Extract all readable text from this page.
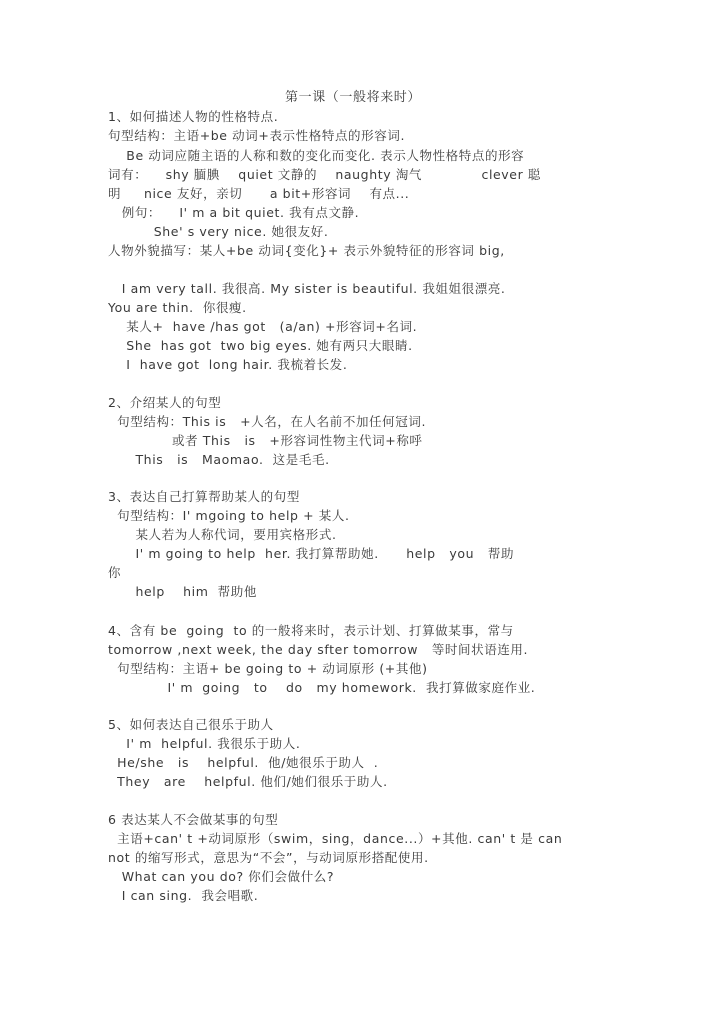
第一课（一般将来时）
1、如何描述人物的性格特点.
句型结构：主语+be 动词+表示性格特点的形容词.
Be 动词应随主语的人称和数的变化而变化. 表示人物性格特点的形容
词有：    shy 腼腆    quiet 文静的    naughty 淘气             clever 聪
明     nice 友好，亲切      a bit+形容词    有点...
例句：    I' m a bit quiet. 我有点文静.
She' s very nice. 她很友好.
人物外貌描写：某人+be 动词{变化}+ 表示外貌特征的形容词 big,
I am very tall. 我很高. My sister is beautiful. 我姐姐很漂亮.
You are thin.  你很瘦.
某人+  have /has got   (a/an) +形容词+名词.
She  has got  two big eyes. 她有两只大眼睛.
I  have got  long hair. 我梳着长发.
2、介绍某人的句型
句型结构：This is   +人名，在人名前不加任何冠词.
或者 This   is   +形容词性物主代词+称呼
This   is   Maomao.  这是毛毛.
3、表达自己打算帮助某人的句型
句型结构：I' mgoing to help + 某人.
某人若为人称代词，要用宾格形式.
I' m going to help  her. 我打算帮助她.      help   you   帮助
你
help    him  帮助他
4、含有 be  going  to 的一般将来时，表示计划、打算做某事，常与
tomorrow ,next week, the day sfter tomorrow   等时间状语连用.
句型结构：主语+ be going to + 动词原形 (+其他)
I' m  going   to    do   my homework.  我打算做家庭作业.
5、如何表达自己很乐于助人
I' m  helpful. 我很乐于助人.
He/she   is    helpful.  他/她很乐于助人  .
They   are    helpful. 他们/她们很乐于助人.
6 表达某人不会做某事的句型
主语+can' t +动词原形（swim，sing，dance...）+其他. can' t 是 can
not 的缩写形式，意思为“不会”，与动词原形搭配使用.
What can you do? 你们会做什么?
I can sing.  我会唱歌.
